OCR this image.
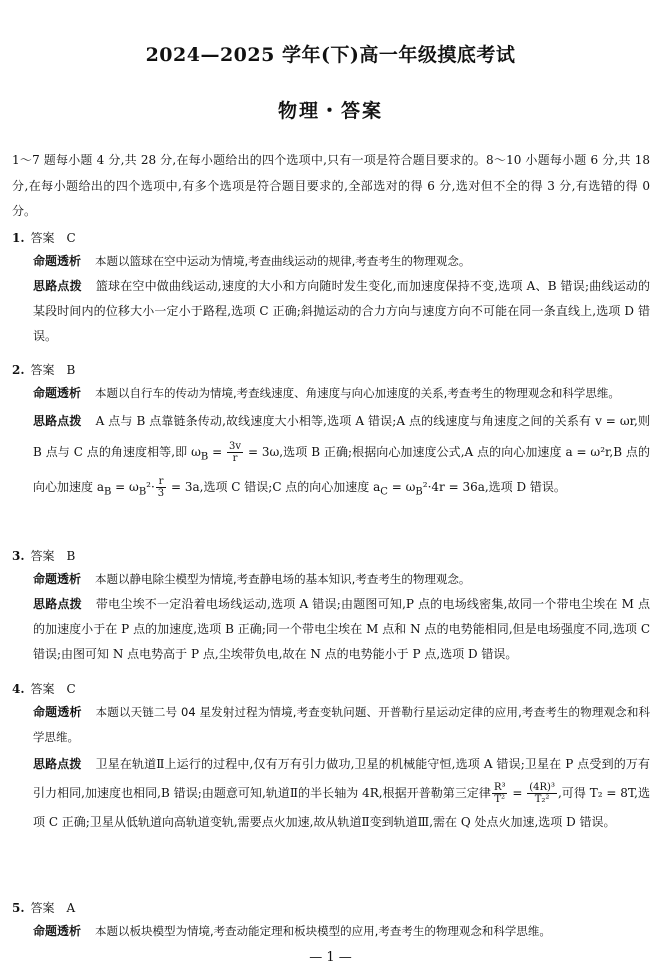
2024—2025 学年(下)高一年级摸底考试
物理・答案
1～7 题每小题 4 分,共 28 分,在每小题给出的四个选项中,只有一项是符合题目要求的。8～10 小题每小题 6 分,共 18 分,在每小题给出的四个选项中,有多个选项是符合题目要求的,全部选对的得 6 分,选对但不全的得 3 分,有选错的得 0 分。
1. 答案 C
命题透析 本题以篮球在空中运动为情境,考查曲线运动的规律,考查考生的物理观念。
思路点拨 篮球在空中做曲线运动,速度的大小和方向随时发生变化,而加速度保持不变,选项 A、B 错误;曲线运动的某段时间内的位移大小一定小于路程,选项 C 正确;斜抛运动的合力方向与速度方向不可能在同一条直线上,选项 D 错误。
2. 答案 B
命题透析 本题以自行车的传动为情境,考查线速度、角速度与向心加速度的关系,考查考生的物理观念和科学思维。
思路点拨 A 点与 B 点靠链条传动,故线速度大小相等,选项 A 错误;A 点的线速度与角速度之间的关系有 v = ωr,则 B 点与 C 点的角速度相等,即 $\omega_B = \frac{3v}{r} = 3\omega$,选项 B 正确;根据向心加速度公式,A 点的向心加速度 a = ω²r,B 点的向心加速度 $a_B = \omega_B^2\cdot \frac{r}{3} = 3a$,选项 C 错误;C 点的向心加速度 $a_C = \omega_B^2\cdot 4r = 36a$,选项 D 错误。
3. 答案 B
命题透析 本题以静电除尘模型为情境,考查静电场的基本知识,考查考生的物理观念。
思路点拨 带电尘埃不一定沿着电场线运动,选项 A 错误;由题图可知,P 点的电场线密集,故同一个带电尘埃在 M 点的加速度小于在 P 点的加速度,选项 B 正确;同一个带电尘埃在 M 点和 N 点的电势能相同,但是电场强度不同,选项 C 错误;由图可知 N 点电势高于 P 点,尘埃带负电,故在 N 点的电势能小于 P 点,选项 D 错误。
4. 答案 C
命题透析 本题以天链二号 04 星发射过程为情境,考查变轨问题、开普勒行星运动定律的应用,考查考生的物理观念和科学思维。
思路点拨 卫星在轨道Ⅱ上运行的过程中,仅有万有引力做功,卫星的机械能守恒,选项 A 错误;卫星在 P 点受到的万有引力相同,加速度也相同,B 错误;由题意可知,轨道Ⅱ的半长轴为 4R,根据开普勒第三定律 $\frac{\text{R³}}{\text{T²}} = \frac{\text{(4R)³}}{\text{T₂²}}$ ,可得 T₂ = 8T,选项 C 正确;卫星从低轨道向高轨道变轨,需要点火加速,故从轨道Ⅱ变到轨道Ⅲ,需在 Q 处点火加速,选项 D 错误。
5. 答案 A
命题透析 本题以板块模型为情境,考查动能定理和板块模型的应用,考查考生的物理观念和科学思维。
— 1 —
